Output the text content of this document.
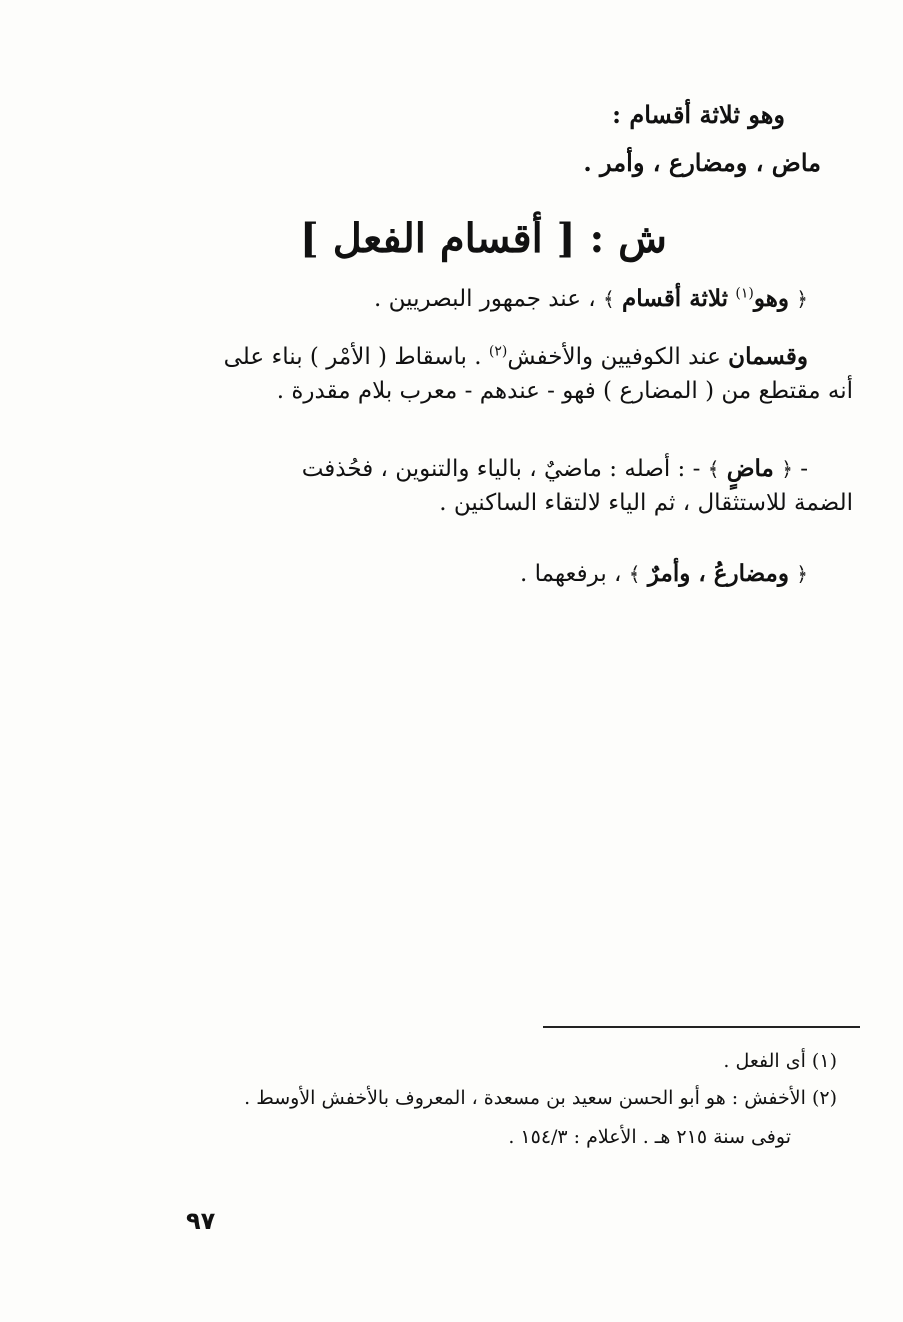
وهو ثلاثة أقسام :
ماض ، ومضارع ، وأمر .
ش : [ أقسام الفعل ]
﴿ وهو$^{(١)}$ ثلاثة أقسام ﴾ ، عند جمهور البصريين .
وقسمان عند الكوفيين والأخفش$^{(٢)}$ . باسقاط ( الأمْر ) بناء على
أنه مقتطع من ( المضارع ) فهو - عندهم - معرب بلام مقدرة .
- ﴿ ماضٍ ﴾ - : أصله : ماضيٌ ، بالياء والتنوين ، فحُذفت
الضمة للاستثقال ، ثم الياء لالتقاء الساكنين .
﴿ ومضارعُ ، وأمرٌ ﴾ ، برفعهما .
(١) أى الفعل .
(٢) الأخفش : هو أبو الحسن سعيد بن مسعدة ، المعروف بالأخفش الأوسط .
توفى سنة ٢١٥ هـ . الأعلام : ١٥٤/٣ .
٩٧
